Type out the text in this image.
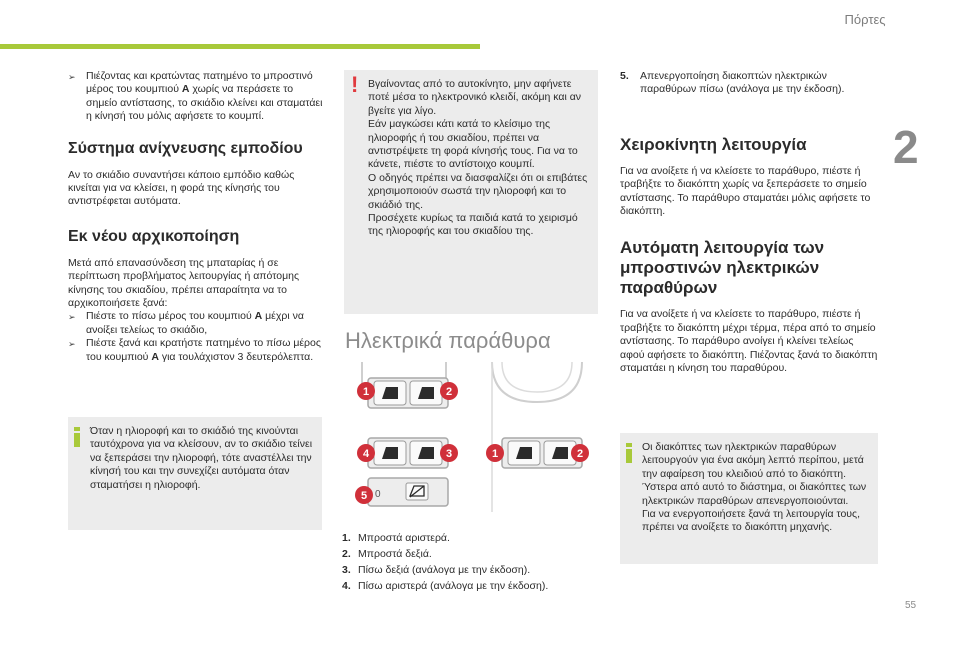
Πόρτες
2
55
➢ Πιέζοντας και κρατώντας πατημένο το μπροστινό μέρος του κουμπιού A χωρίς να περάσετε το σημείο αντίστασης, το σκιάδιο κλείνει και σταματάει η κίνησή του μόλις αφήσετε το κουμπί.

Σύστημα ανίχνευσης εμποδίου

Αν το σκιάδιο συναντήσει κάποιο εμπόδιο καθώς κινείται για να κλείσει, η φορά της κίνησής του αντιστρέφεται αυτόματα.

Εκ νέου αρχικοποίηση

Μετά από επανασύνδεση της μπαταρίας ή σε περίπτωση προβλήματος λειτουργίας ή απότομης κίνησης του σκιαδίου, πρέπει απαραίτητα να το αρχικοποιήσετε ξανά:

➢ Πιέστε το πίσω μέρος του κουμπιού A μέχρι να ανοίξει τελείως το σκιάδιο,

➢ Πιέστε ξανά και κρατήστε πατημένο το πίσω μέρος του κουμπιού A για τουλάχιστον 3 δευτερόλεπτα.

Όταν η ηλιοροφή και το σκιάδιό της κινούνται ταυτόχρονα για να κλείσουν, αν το σκιάδιο τείνει να ξεπεράσει την ηλιοροφή, τότε αναστέλλει την κίνησή του και την συνεχίζει αυτόματα όταν σταματήσει η ηλιοροφή.

! Βγαίνοντας από το αυτοκίνητο, μην αφήνετε ποτέ μέσα το ηλεκτρονικό κλειδί, ακόμη και αν βγείτε για λίγο.
Εάν μαγκώσει κάτι κατά το κλείσιμο της ηλιοροφής ή του σκιαδίου, πρέπει να αντιστρέψετε τη φορά κίνησής τους. Για να το κάνετε, πιέστε το αντίστοιχο κουμπί.
Ο οδηγός πρέπει να διασφαλίζει ότι οι επιβάτες χρησιμοποιούν σωστά την ηλιοροφή και το σκιάδιό της.
Προσέχετε κυρίως τα παιδιά κατά το χειρισμό της ηλιοροφής και του σκιαδίου της.

Ηλεκτρικά παράθυρα
0
1	2
4	3
5
1	2
1. Μπροστά αριστερά.
2. Μπροστά δεξιά.
3. Πίσω δεξιά (ανάλογα με την έκδοση).
4. Πίσω αριστερά (ανάλογα με την έκδοση).
5.	Απενεργοποίηση διακοπτών ηλεκτρικών παραθύρων πίσω (ανάλογα με την έκδοση).

Χειροκίνητη λειτουργία

Για να ανοίξετε ή να κλείσετε το παράθυρο, πιέστε ή τραβήξτε το διακόπτη χωρίς να ξεπεράσετε το σημείο αντίστασης. Το παράθυρο σταματάει μόλις αφήσετε το διακόπτη.

Αυτόματη λειτουργία των μπροστινών ηλεκτρικών παραθύρων

Για να ανοίξετε ή να κλείσετε το παράθυρο, πιέστε ή τραβήξτε το διακόπτη μέχρι τέρμα, πέρα από το σημείο αντίστασης. Το παράθυρο ανοίγει ή κλείνει τελείως αφού αφήσετε το διακόπτη. Πιέζοντας ξανά το διακόπτη σταματάει η κίνηση του παραθύρου.

Οι διακόπτες των ηλεκτρικών παραθύρων λειτουργούν για ένα ακόμη λεπτό περίπου, μετά την αφαίρεση του κλειδιού από το διακόπτη.
Ύστερα από αυτό το διάστημα, οι διακόπτες των ηλεκτρικών παραθύρων απενεργοποιούνται.
Για να ενεργοποιήσετε ξανά τη λειτουργία τους, πρέπει να ανοίξετε το διακόπτη μηχανής.
